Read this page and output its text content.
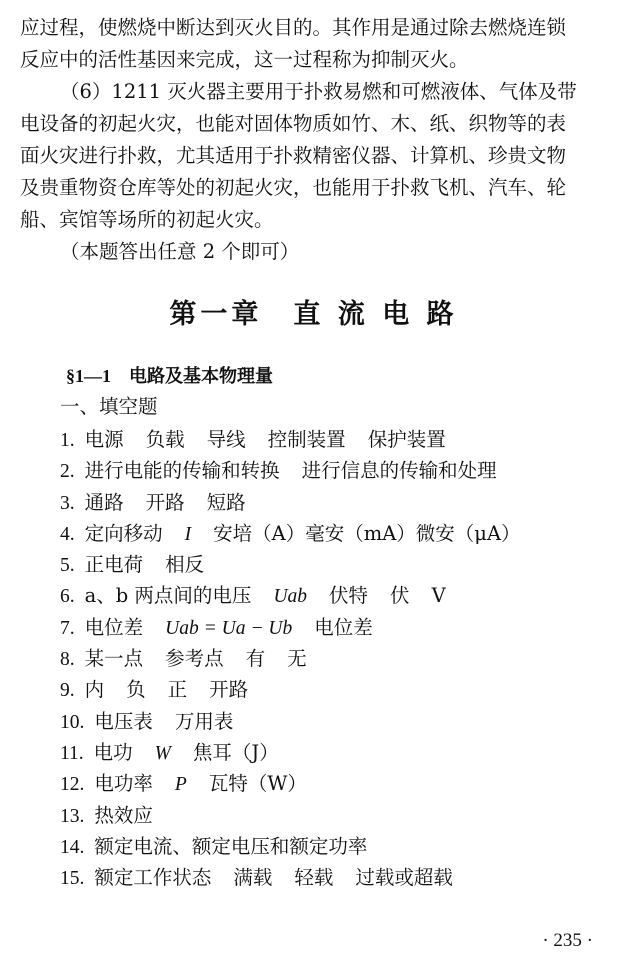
应过程，使燃烧中断达到灭火目的。其作用是通过除去燃烧连锁
反应中的活性基因来完成，这一过程称为抑制灭火。
（6）1211 灭火器主要用于扑救易燃和可燃液体、气体及带
电设备的初起火灾，也能对固体物质如竹、木、纸、织物等的表
面火灾进行扑救，尤其适用于扑救精密仪器、计算机、珍贵文物
及贵重物资仓库等处的初起火灾，也能用于扑救飞机、汽车、轮
船、宾馆等场所的初起火灾。
（本题答出任意 2 个即可）
第一章　直 流 电 路
§1—1 电路及基本物理量
一、填空题
1. 电源 负载 导线 控制装置 保护装置
2. 进行电能的传输和转换 进行信息的传输和处理
3. 通路 开路 短路
4. 定向移动 I 安培（A）毫安（mA）微安（μA）
5. 正电荷 相反
6. a、b 两点间的电压 Uab 伏特 伏 V
7. 电位差 Uab = Ua − Ub 电位差
8. 某一点 参考点 有 无
9. 内 负 正 开路
10. 电压表 万用表
11. 电功 W 焦耳（J）
12. 电功率 P 瓦特（W）
13. 热效应
14. 额定电流、额定电压和额定功率
15. 额定工作状态 满载 轻载 过载或超载
· 235 ·
